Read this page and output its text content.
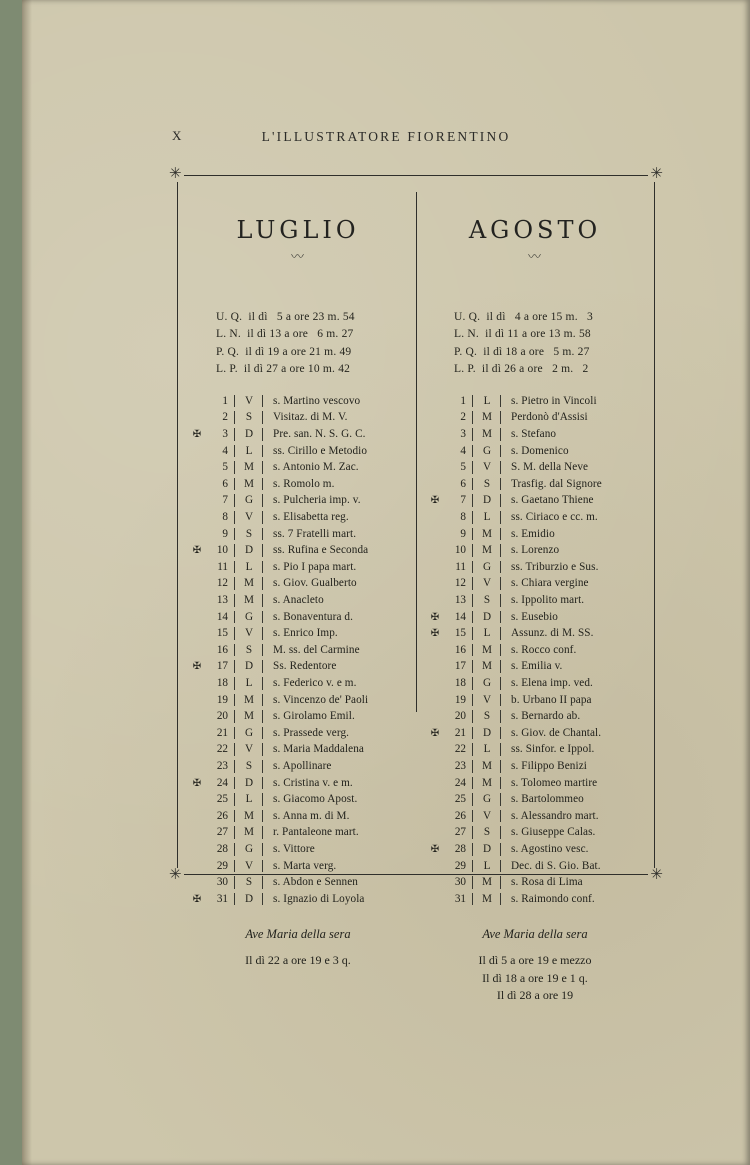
X	L'ILLUSTRATORE FIORENTINO
✳	✳
✳	✳
LUGLIO
〰
U. Q.  il dì   5 a ore 23 m. 54
L. N.  il dì 13 a ore   6 m. 27
P. Q.  il dì 19 a ore 21 m. 49
L. P.  il dì 27 a ore 10 m. 42
1	V	s. Martino vescovo
2	S	Visitaz. di M. V.
✠	3	D	Pre. san. N. S. G. C.
4	L	ss. Cirillo e Metodio
5	M	s. Antonio M. Zac.
6	M	s. Romolo m.
7	G	s. Pulcheria imp. v.
8	V	s. Elisabetta reg.
9	S	ss. 7 Fratelli mart.
✠	10	D	ss. Rufina e Seconda
11	L	s. Pio I papa mart.
12	M	s. Giov. Gualberto
13	M	s. Anacleto
14	G	s. Bonaventura d.
15	V	s. Enrico Imp.
16	S	M. ss. del Carmine
✠	17	D	Ss. Redentore
18	L	s. Federico v. e m.
19	M	s. Vincenzo de' Paoli
20	M	s. Girolamo Emil.
21	G	s. Prassede verg.
22	V	s. Maria Maddalena
23	S	s. Apollinare
✠	24	D	s. Cristina v. e m.
25	L	s. Giacomo Apost.
26	M	s. Anna m. di M.
27	M	r. Pantaleone mart.
28	G	s. Vittore
29	V	s. Marta verg.
30	S	s. Abdon e Sennen
✠	31	D	s. Ignazio di Loyola
Ave Maria della sera
Il dì 22 a ore 19 e 3 q.
AGOSTO
〰
U. Q.  il dì   4 a ore 15 m.   3
L. N.  il dì 11 a ore 13 m. 58
P. Q.  il dì 18 a ore   5 m. 27
L. P.  il dì 26 a ore   2 m.   2
1	L	s. Pietro in Vincoli
2	M	Perdonò d'Assisi
3	M	s. Stefano
4	G	s. Domenico
5	V	S. M. della Neve
6	S	Trasfig. dal Signore
✠	7	D	s. Gaetano Thiene
8	L	ss. Ciriaco e cc. m.
9	M	s. Emidio
10	M	s. Lorenzo
11	G	ss. Triburzio e Sus.
12	V	s. Chiara vergine
13	S	s. Ippolito mart.
✠	14	D	s. Eusebio
✠	15	L	Assunz. di M. SS.
16	M	s. Rocco conf.
17	M	s. Emilia v.
18	G	s. Elena imp. ved.
19	V	b. Urbano II papa
20	S	s. Bernardo ab.
✠	21	D	s. Giov. de Chantal.
22	L	ss. Sinfor. e Ippol.
23	M	s. Filippo Benizi
24	M	s. Tolomeo martire
25	G	s. Bartolommeo
26	V	s. Alessandro mart.
27	S	s. Giuseppe Calas.
✠	28	D	s. Agostino vesc.
29	L	Dec. di S. Gio. Bat.
30	M	s. Rosa di Lima
31	M	s. Raimondo conf.
Ave Maria della sera
Il dì 5 a ore 19 e mezzo
Il dì 18 a ore 19 e 1 q.
Il dì 28 a ore 19
